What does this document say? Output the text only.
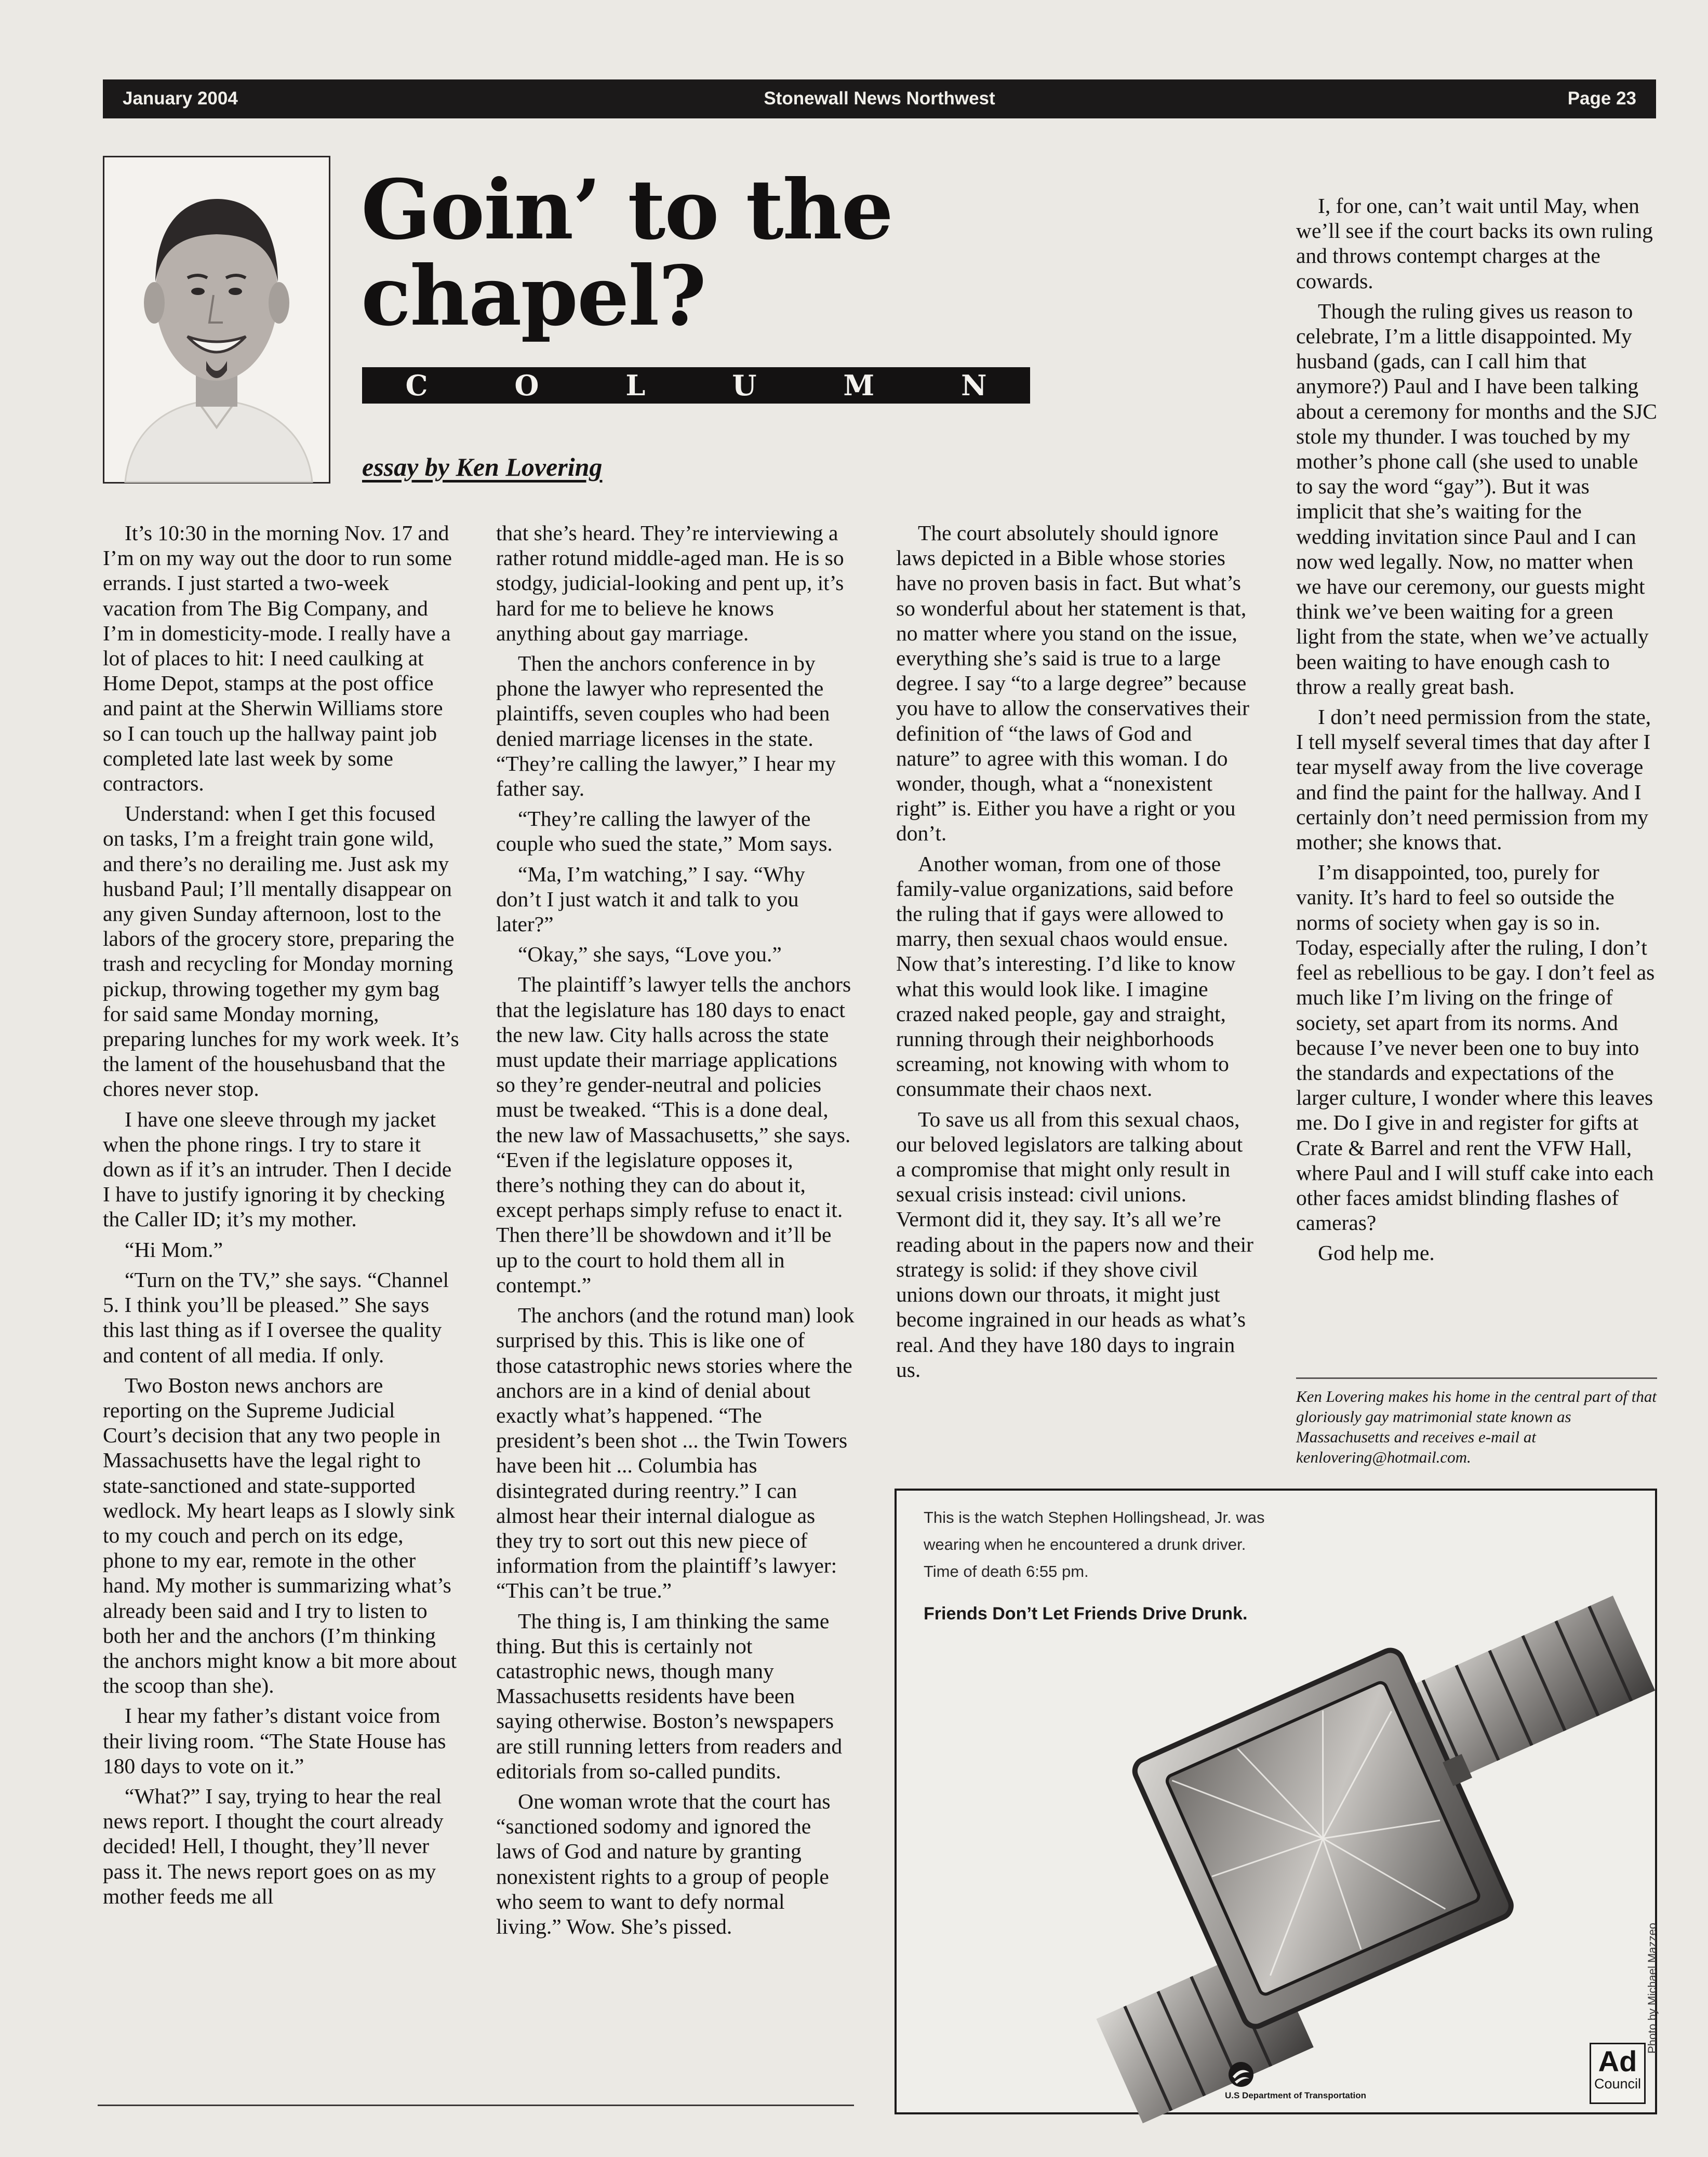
January 2004	Stonewall News Northwest	Page 23
Goin’ to the chapel?
C	O	L	U	M	N
essay by Ken Lovering

It’s 10:30 in the morning Nov. 17 and I’m on my way out the door to run some errands. I just started a two-week vacation from The Big Company, and I’m in domesticity-mode. I really have a lot of places to hit: I need caulking at Home Depot, stamps at the post office and paint at the Sherwin Williams store so I can touch up the hallway paint job completed late last week by some contractors.

Understand: when I get this focused on tasks, I’m a freight train gone wild, and there’s no derailing me. Just ask my husband Paul; I’ll mentally disappear on any given Sunday afternoon, lost to the labors of the grocery store, preparing the trash and recycling for Monday morning pickup, throwing together my gym bag for said same Monday morning, preparing lunches for my work week. It’s the lament of the househusband that the chores never stop.

I have one sleeve through my jacket when the phone rings. I try to stare it down as if it’s an intruder. Then I decide I have to justify ignoring it by checking the Caller ID; it’s my mother.

“Hi Mom.”

“Turn on the TV,” she says. “Channel 5. I think you’ll be pleased.” She says this last thing as if I oversee the quality and content of all media. If only.

Two Boston news anchors are reporting on the Supreme Judicial Court’s decision that any two people in Massachusetts have the legal right to state-sanctioned and state-supported wedlock. My heart leaps as I slowly sink to my couch and perch on its edge, phone to my ear, remote in the other hand. My mother is summarizing what’s already been said and I try to listen to both her and the anchors (I’m thinking the anchors might know a bit more about the scoop than she).

I hear my father’s distant voice from their living room. “The State House has 180 days to vote on it.”

“What?” I say, trying to hear the real news report. I thought the court already decided! Hell, I thought, they’ll never pass it. The news report goes on as my mother feeds me all

that she’s heard. They’re interviewing a rather rotund middle-aged man. He is so stodgy, judicial-looking and pent up, it’s hard for me to believe he knows anything about gay marriage.

Then the anchors conference in by phone the lawyer who represented the plaintiffs, seven couples who had been denied marriage licenses in the state. “They’re calling the lawyer,” I hear my father say.

“They’re calling the lawyer of the couple who sued the state,” Mom says.

“Ma, I’m watching,” I say. “Why don’t I just watch it and talk to you later?”

“Okay,” she says, “Love you.”

The plaintiff’s lawyer tells the anchors that the legislature has 180 days to enact the new law. City halls across the state must update their marriage applications so they’re gender-neutral and policies must be tweaked. “This is a done deal, the new law of Massachusetts,” she says. “Even if the legislature opposes it, there’s nothing they can do about it, except perhaps simply refuse to enact it. Then there’ll be showdown and it’ll be up to the court to hold them all in contempt.”

The anchors (and the rotund man) look surprised by this. This is like one of those catastrophic news stories where the anchors are in a kind of denial about exactly what’s happened. “The president’s been shot ... the Twin Towers have been hit ... Columbia has disintegrated during reentry.” I can almost hear their internal dialogue as they try to sort out this new piece of information from the plaintiff’s lawyer: “This can’t be true.”

The thing is, I am thinking the same thing. But this is certainly not catastrophic news, though many Massachusetts residents have been saying otherwise. Boston’s newspapers are still running letters from readers and editorials from so-called pundits.

One woman wrote that the court has “sanctioned sodomy and ignored the laws of God and nature by granting nonexistent rights to a group of people who seem to want to defy normal living.” Wow. She’s pissed.

The court absolutely should ignore laws depicted in a Bible whose stories have no proven basis in fact. But what’s so wonderful about her statement is that, no matter where you stand on the issue, everything she’s said is true to a large degree. I say “to a large degree” because you have to allow the conservatives their definition of “the laws of God and nature” to agree with this woman. I do wonder, though, what a “nonexistent right” is. Either you have a right or you don’t.

Another woman, from one of those family-value organizations, said before the ruling that if gays were allowed to marry, then sexual chaos would ensue. Now that’s interesting. I’d like to know what this would look like. I imagine crazed naked people, gay and straight, running through their neighborhoods screaming, not knowing with whom to consummate their chaos next.

To save us all from this sexual chaos, our beloved legislators are talking about a compromise that might only result in sexual crisis instead: civil unions. Vermont did it, they say. It’s all we’re reading about in the papers now and their strategy is solid: if they shove civil unions down our throats, it might just become ingrained in our heads as what’s real. And they have 180 days to ingrain us.

I, for one, can’t wait until May, when we’ll see if the court backs its own ruling and throws contempt charges at the cowards.

Though the ruling gives us reason to celebrate, I’m a little disappointed. My husband (gads, can I call him that anymore?) Paul and I have been talking about a ceremony for months and the SJC stole my thunder. I was touched by my mother’s phone call (she used to unable to say the word “gay”). But it was implicit that she’s waiting for the wedding invitation since Paul and I can now wed legally. Now, no matter when we have our ceremony, our guests might think we’ve been waiting for a green light from the state, when we’ve actually been waiting to have enough cash to throw a really great bash.

I don’t need permission from the state, I tell myself several times that day after I tear myself away from the live coverage and find the paint for the hallway. And I certainly don’t need permission from my mother; she knows that.

I’m disappointed, too, purely for vanity. It’s hard to feel so outside the norms of society when gay is so in. Today, especially after the ruling, I don’t feel as rebellious to be gay. I don’t feel as much like I’m living on the fringe of society, set apart from its norms. And because I’ve never been one to buy into the standards and expectations of the larger culture, I wonder where this leaves me. Do I give in and register for gifts at Crate & Barrel and rent the VFW Hall, where Paul and I will stuff cake into each other faces amidst blinding flashes of cameras?

God help me.

Ken Lovering makes his home in the central part of that gloriously gay matrimonial state known as Massachusetts and receives e-mail at kenlovering@hotmail.com.
This is the watch Stephen Hollingshead, Jr. was
wearing when he encountered a drunk driver.
Time of death 6:55 pm.
Friends Don’t Let Friends Drive Drunk.
Photo by Michael Mazzeo
U.S Department of Transportation
Ad
Council
